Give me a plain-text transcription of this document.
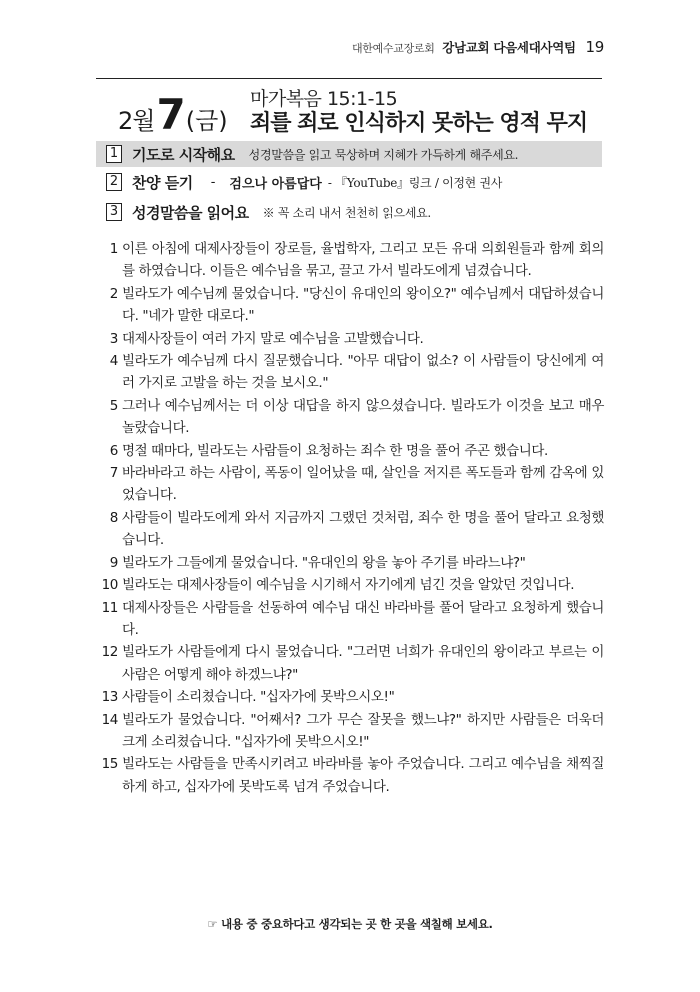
대한예수교장로회 강남교회 다음세대사역팀 19
2월7(금)
마가복음 15:1-15
죄를 죄로 인식하지 못하는 영적 무지
1 기도로 시작해요 성경말씀을 읽고 묵상하며 지혜가 가득하게 해주세요.
2 찬양 듣기 - 검으나 아름답다 - 『YouTube』링크 / 이정현 권사
3 성경말씀을 읽어요 ※ 꼭 소리 내서 천천히 읽으세요.
1 이른 아침에 대제사장들이 장로들, 율법학자, 그리고 모든 유대 의회원들과 함께 회의를 하였습니다. 이들은 예수님을 묶고, 끌고 가서 빌라도에게 넘겼습니다.
2 빌라도가 예수님께 물었습니다. "당신이 유대인의 왕이오?" 예수님께서 대답하셨습니다. "네가 말한 대로다."
3 대제사장들이 여러 가지 말로 예수님을 고발했습니다.
4 빌라도가 예수님께 다시 질문했습니다. "아무 대답이 없소? 이 사람들이 당신에게 여러 가지로 고발을 하는 것을 보시오."
5 그러나 예수님께서는 더 이상 대답을 하지 않으셨습니다. 빌라도가 이것을 보고 매우 놀랐습니다.
6 명절 때마다, 빌라도는 사람들이 요청하는 죄수 한 명을 풀어 주곤 했습니다.
7 바라바라고 하는 사람이, 폭동이 일어났을 때, 살인을 저지른 폭도들과 함께 감옥에 있었습니다.
8 사람들이 빌라도에게 와서 지금까지 그랬던 것처럼, 죄수 한 명을 풀어 달라고 요청했습니다.
9 빌라도가 그들에게 물었습니다. "유대인의 왕을 놓아 주기를 바라느냐?"
10 빌라도는 대제사장들이 예수님을 시기해서 자기에게 넘긴 것을 알았던 것입니다.
11 대제사장들은 사람들을 선동하여 예수님 대신 바라바를 풀어 달라고 요청하게 했습니다.
12 빌라도가 사람들에게 다시 물었습니다. "그러면 너희가 유대인의 왕이라고 부르는 이 사람은 어떻게 해야 하겠느냐?"
13 사람들이 소리쳤습니다. "십자가에 못박으시오!"
14 빌라도가 물었습니다. "어째서? 그가 무슨 잘못을 했느냐?" 하지만 사람들은 더욱더 크게 소리쳤습니다. "십자가에 못박으시오!"
15 빌라도는 사람들을 만족시키려고 바라바를 놓아 주었습니다. 그리고 예수님을 채찍질하게 하고, 십자가에 못박도록 넘겨 주었습니다.
☞ 내용 중 중요하다고 생각되는 곳 한 곳을 색칠해 보세요.
